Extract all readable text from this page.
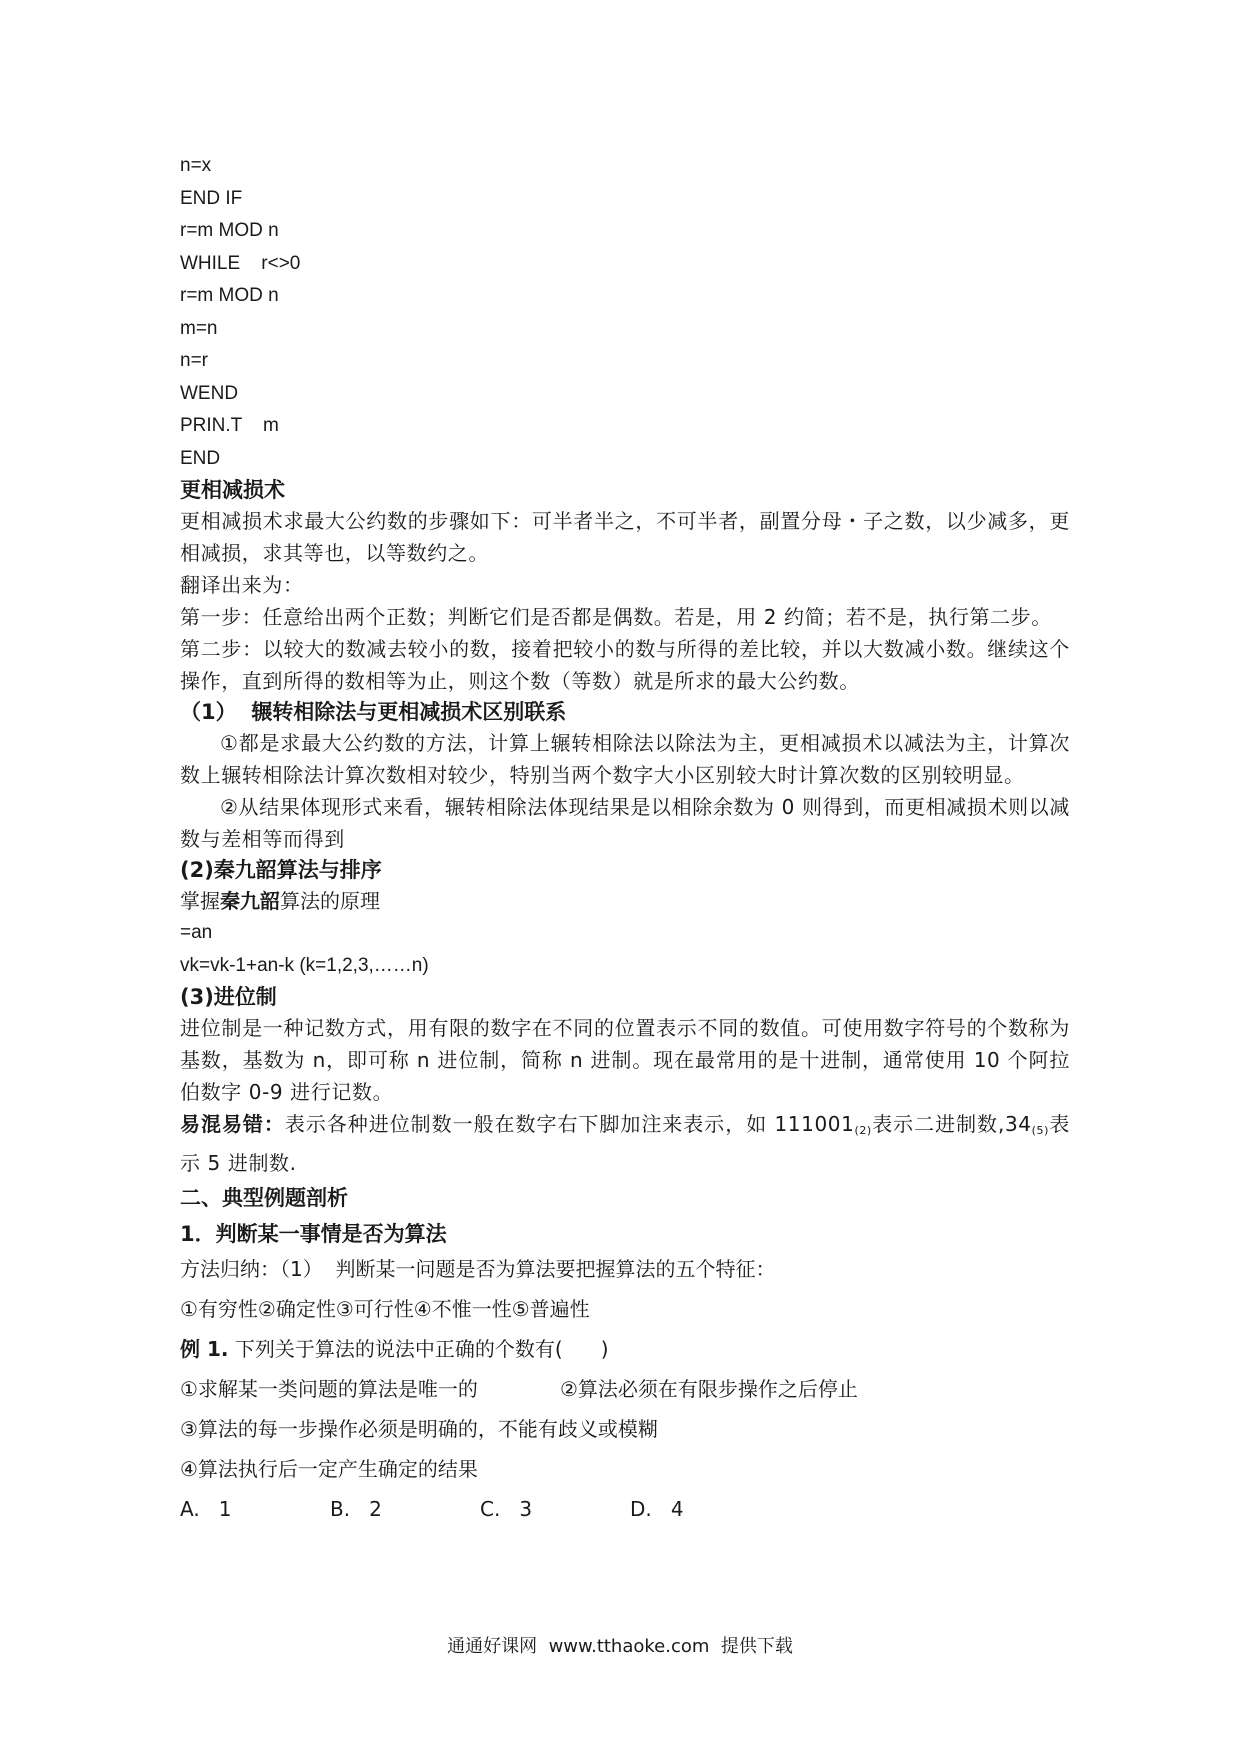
n=x

END IF

r=m MOD n

WHILE    r<>0

r=m MOD n

m=n

n=r

WEND

PRIN.T    m

END

更相减损术

更相减损术求最大公约数的步骤如下：可半者半之，不可半者，副置分母・子之数，以少减多，更相减损，求其等也，以等数约之。

翻译出来为：

第一步：任意给出两个正数；判断它们是否都是偶数。若是，用 2 约简；若不是，执行第二步。

第二步：以较大的数减去较小的数，接着把较小的数与所得的差比较，并以大数减小数。继续这个操作，直到所得的数相等为止，则这个数（等数）就是所求的最大公约数。

（1）  辗转相除法与更相减损术区别联系

①都是求最大公约数的方法，计算上辗转相除法以除法为主，更相减损术以减法为主，计算次数上辗转相除法计算次数相对较少，特别当两个数字大小区别较大时计算次数的区别较明显。

②从结果体现形式来看，辗转相除法体现结果是以相除余数为 0 则得到，而更相减损术则以减数与差相等而得到

(2)秦九韶算法与排序

掌握秦九韶算法的原理

=an

vk=vk-1+an-k (k=1,2,3,……n)

(3)进位制

进位制是一种记数方式，用有限的数字在不同的位置表示不同的数值。可使用数字符号的个数称为基数，基数为 n，即可称 n 进位制，简称 n 进制。现在最常用的是十进制，通常使用 10 个阿拉伯数字 0-9 进行记数。

易混易错：表示各种进位制数一般在数字右下脚加注来表示，如 $111001_{(2)}$表示二进制数$,34_{(5)}$表示 5 进制数.

二、典型例题剖析

1．判断某一事情是否为算法

方法归纳：（1）  判断某一问题是否为算法要把握算法的五个特征：

①有穷性②确定性③可行性④不惟一性⑤普遍性

例 1. 下列关于算法的说法中正确的个数有(      )

①求解某一类问题的算法是唯一的	②算法必须在有限步操作之后停止

③算法的每一步操作必须是明确的，不能有歧义或模糊

④算法执行后一定产生确定的结果

A.   1	B.   2	C.   3	D.   4
通通好课网  www.tthaoke.com  提供下载
